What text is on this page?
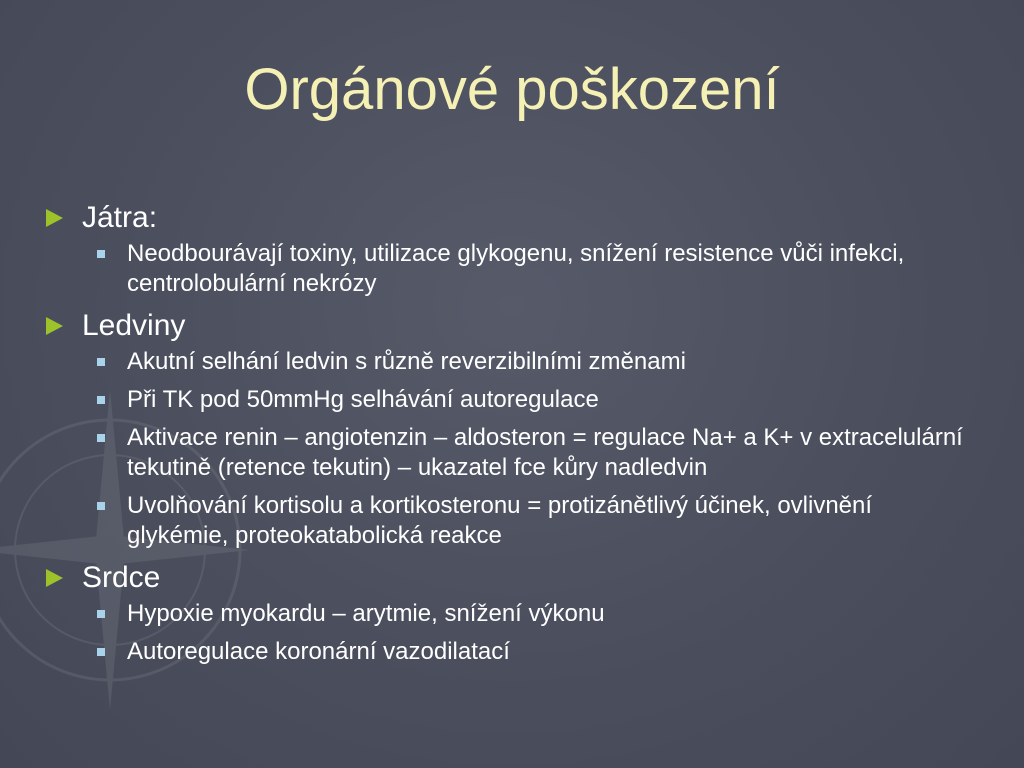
Orgánové poškození
Játra:
Neodbourávají toxiny, utilizace glykogenu, snížení resistence vůči infekci, centrolobulární nekrózy
Ledviny
Akutní selhání ledvin s různě reverzibilními změnami
Při TK pod 50mmHg selhávání autoregulace
Aktivace renin – angiotenzin – aldosteron = regulace Na+ a K+ v extracelulární tekutině (retence tekutin) – ukazatel fce kůry nadledvin
Uvolňování kortisolu a kortikosteronu = protizánětlivý účinek, ovlivnění glykémie, proteokatabolická reakce
Srdce
Hypoxie myokardu – arytmie, snížení výkonu
Autoregulace koronární vazodilatací
